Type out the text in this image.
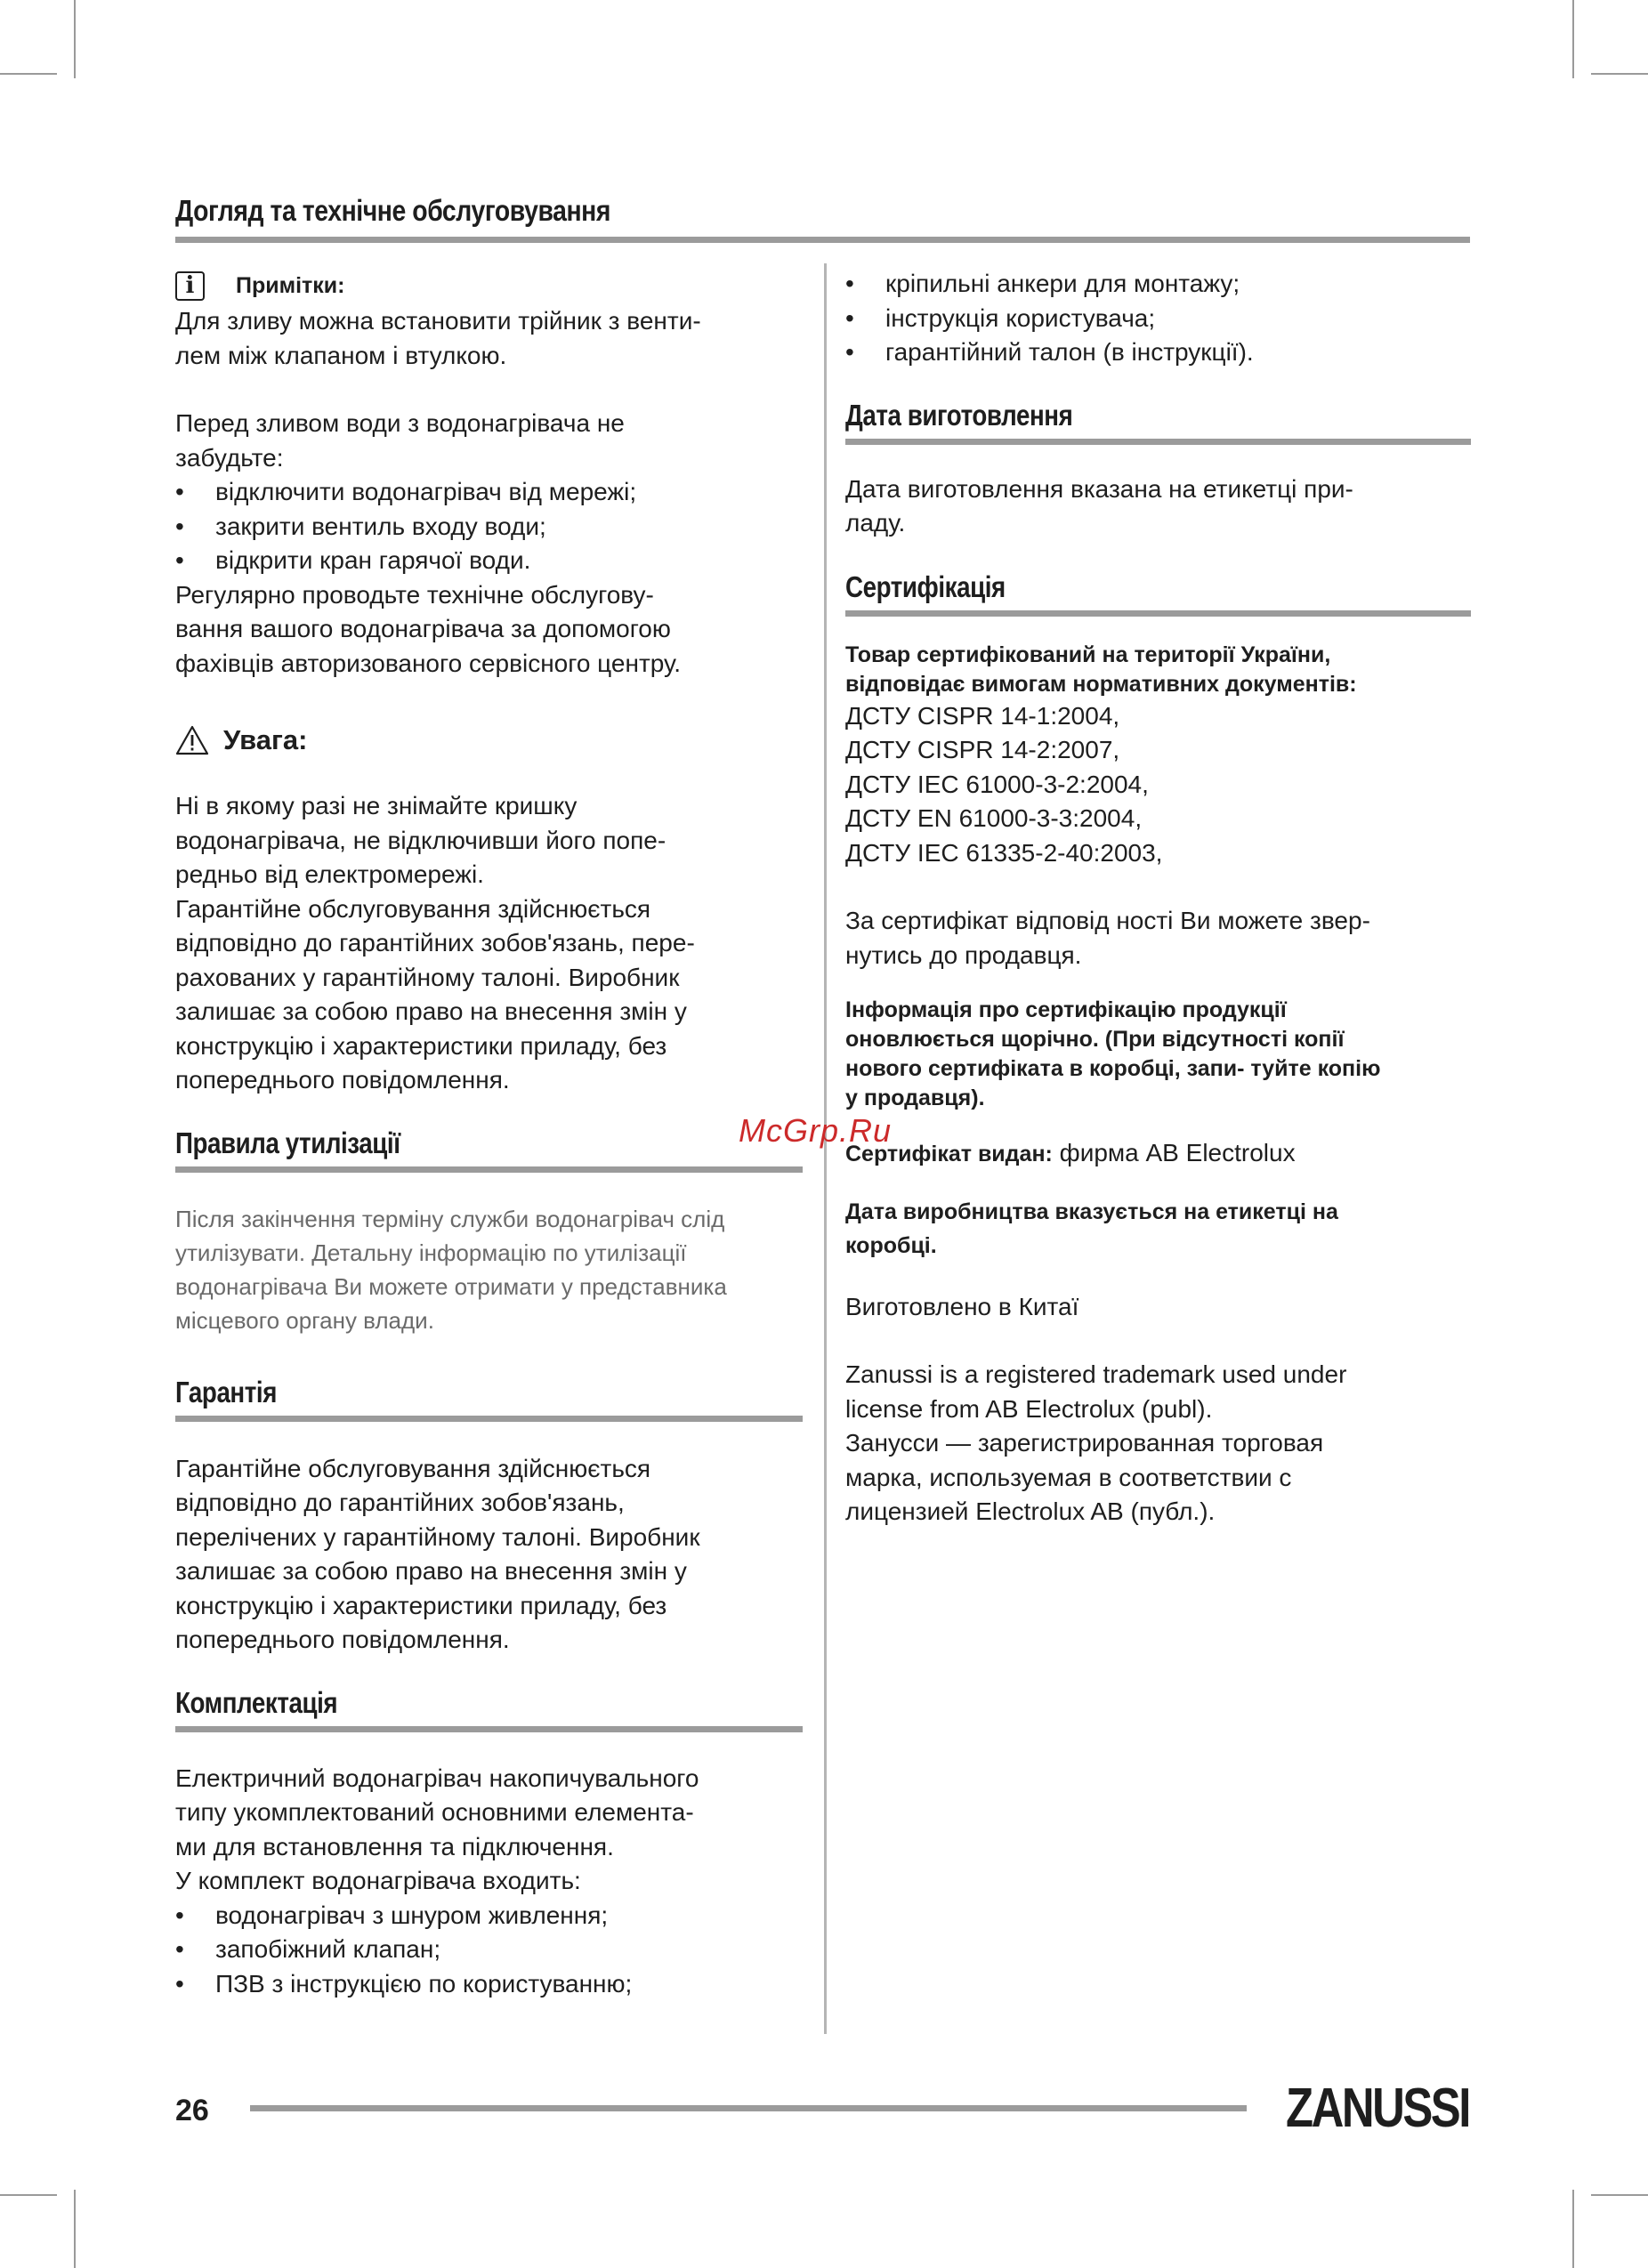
Догляд та технічне обслуговування
i	Примітки:

Для зливу можна встановити трійник з венти-
лем між клапаном і втулкою.

Перед зливом води з водонагрівача не
забудьте:

• відключити водонагрівач від мережі;
• закрити вентиль входу води;
• відкрити кран гарячої води.

Регулярно проводьте технічне обслугову-
вання вашого водонагрівача за допомогою
фахівців авторизованого сервісного центру.

Увага:

Ні в якому разі не знімайте кришку
водонагрівача, не відключивши його попе-
редньо від електромережі.

Гарантійне обслуговування здійснюється
відповідно до гарантійних зобов'язань, пере-
рахованих у гарантійному талоні. Виробник
залишає за собою право на внесення змін у
конструкцію і характеристики приладу, без
попереднього повідомлення.

Правила утилізації

Після закінчення терміну служби водонагрівач слід
утилізувати. Детальну інформацію по утилізації
водонагрівача Ви можете отримати у представника
місцевого органу влади.

Гарантія

Гарантійне обслуговування здійснюється
відповідно до гарантійних зобов'язань,
перелічених у гарантійному талоні. Виробник
залишає за собою право на внесення змін у
конструкцію і характеристики приладу, без
попереднього повідомлення.

Комплектація

Електричний водонагрівач накопичувального
типу укомплектований основними елемента-
ми для встановлення та підключення.
У комплект водонагрівача входить:

• водонагрівач з шнуром живлення;
• запобіжний клапан;
• ПЗВ з інструкцією по користуванню;
• кріпильні анкери для монтажу;
• інструкція користувача;
• гарантійний талон (в інструкції).
Дата виготовлення

Дата виготовлення вказана на етикетці при-
ладу.

Сертифікація

Товар сертифікований на території України,
відповідає вимогам нормативних документів:

ДСТУ CISPR 14-1:2004,
ДСТУ CISPR 14-2:2007,
ДСТУ IEC 61000-3-2:2004,
ДСТУ EN 61000-3-3:2004,
ДСТУ IEC 61335-2-40:2003,

За сертифікат відповід ності Ви можете звер-
нутись до продавця.

Інформація про сертифікацію продукції
оновлюється щорічно. (При відсутності копії
нового сертифіката в коробці, запи- туйте копію
у продавця).

Сертифікат видан: фирма AB Electrolux

Дата виробництва вказується на етикетці на
коробці.

Виготовлено в Китаї

Zanussi is a registered trademark used under
license from AB Electrolux (publ).
Занусси — зарегистрированная торговая
марка, используемая в соответствии с
лицензией Electrolux AB (публ.).

McGrp.Ru
26	ZANUSSI
